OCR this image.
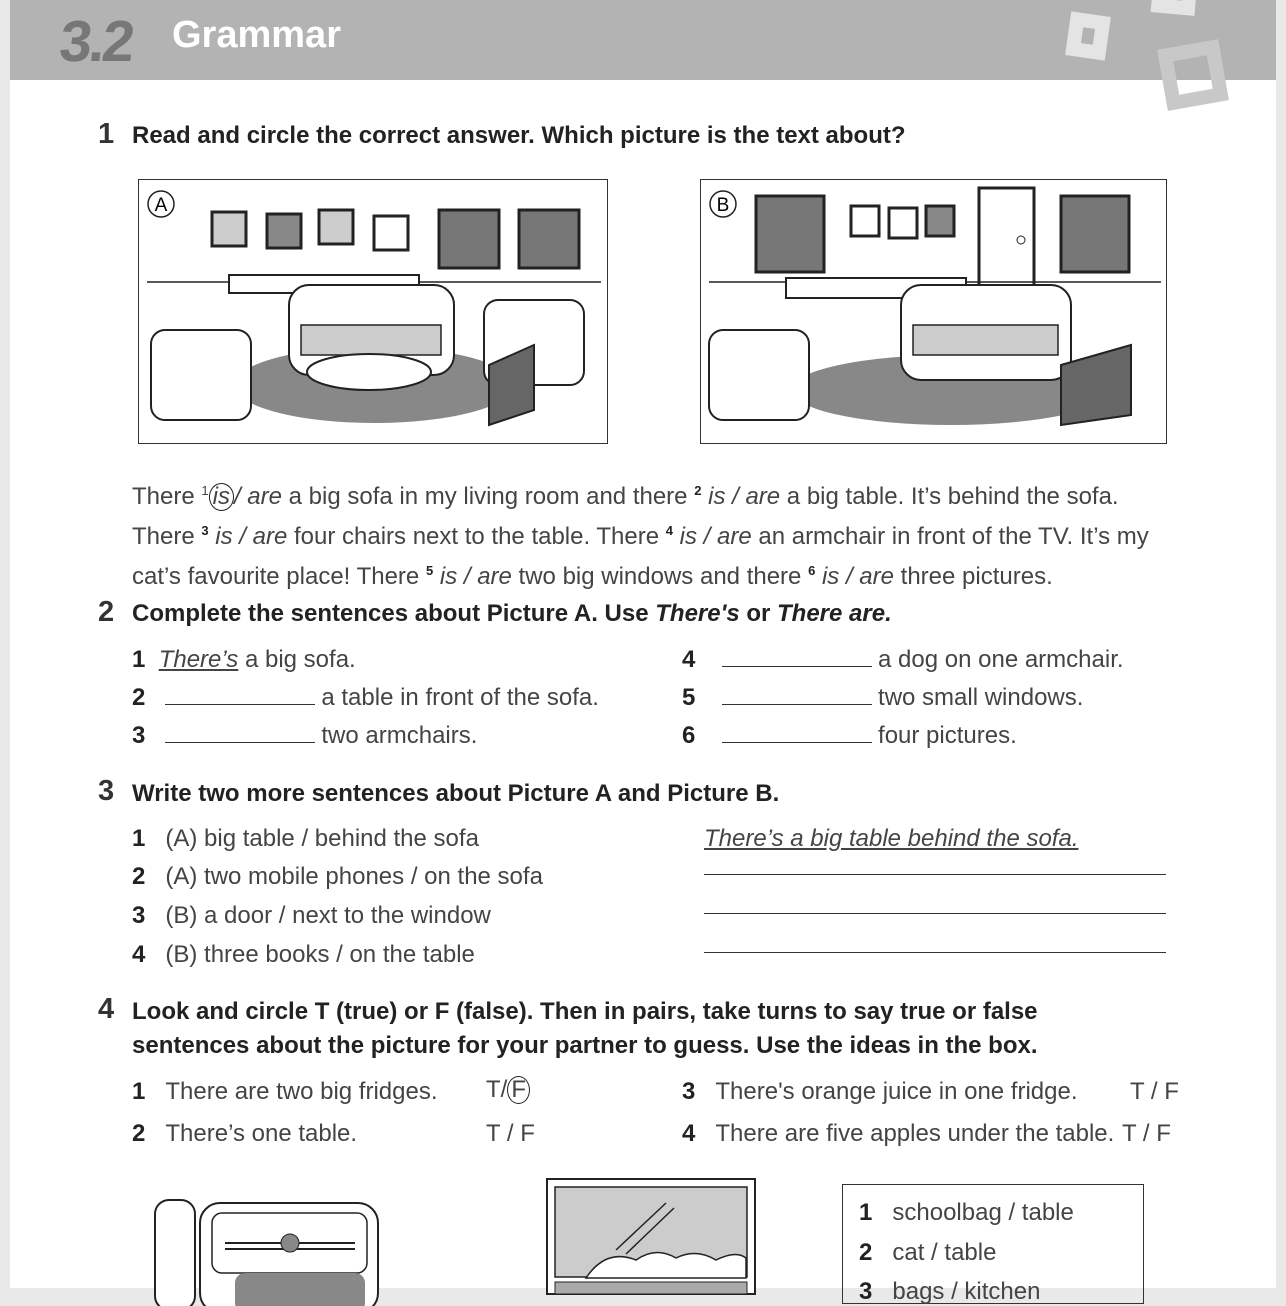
3.2 Grammar
1 Read and circle the correct answer. Which picture is the text about?
A	B
There $^1$ is / are a big sofa in my living room and there $^2$ is / are a big table. It’s behind the sofa.
There $^3$ is / are four chairs next to the table. There $^4$ is / are an armchair in front of the TV. It’s my
cat’s favourite place! There $^5$ is / are two big windows and there $^6$ is / are three pictures.
2 Complete the sentences about Picture A. Use There's or There are.
1 There’s a big sofa.
2	a table in front of the sofa.
3	two armchairs.
4	a dog on one armchair.
5	two small windows.
6	four pictures.
3 Write two more sentences about Picture A and Picture B.
1 (A) big table / behind the sofa	There’s a big table behind the sofa.
2 (A) two mobile phones / on the sofa
3 (B) a door / next to the window
4 (B) three books / on the table
4 Look and circle T (true) or F (false). Then in pairs, take turns to say true or false
sentences about the picture for your partner to guess. Use the ideas in the box.
1 There are two big fridges. T/ F
2 There’s one table.	T / F
3 There's orange juice in one fridge. T / F
4 There are five apples under the table. T / F
1 schoolbag / table
2 cat / table
3 bags / kitchen
